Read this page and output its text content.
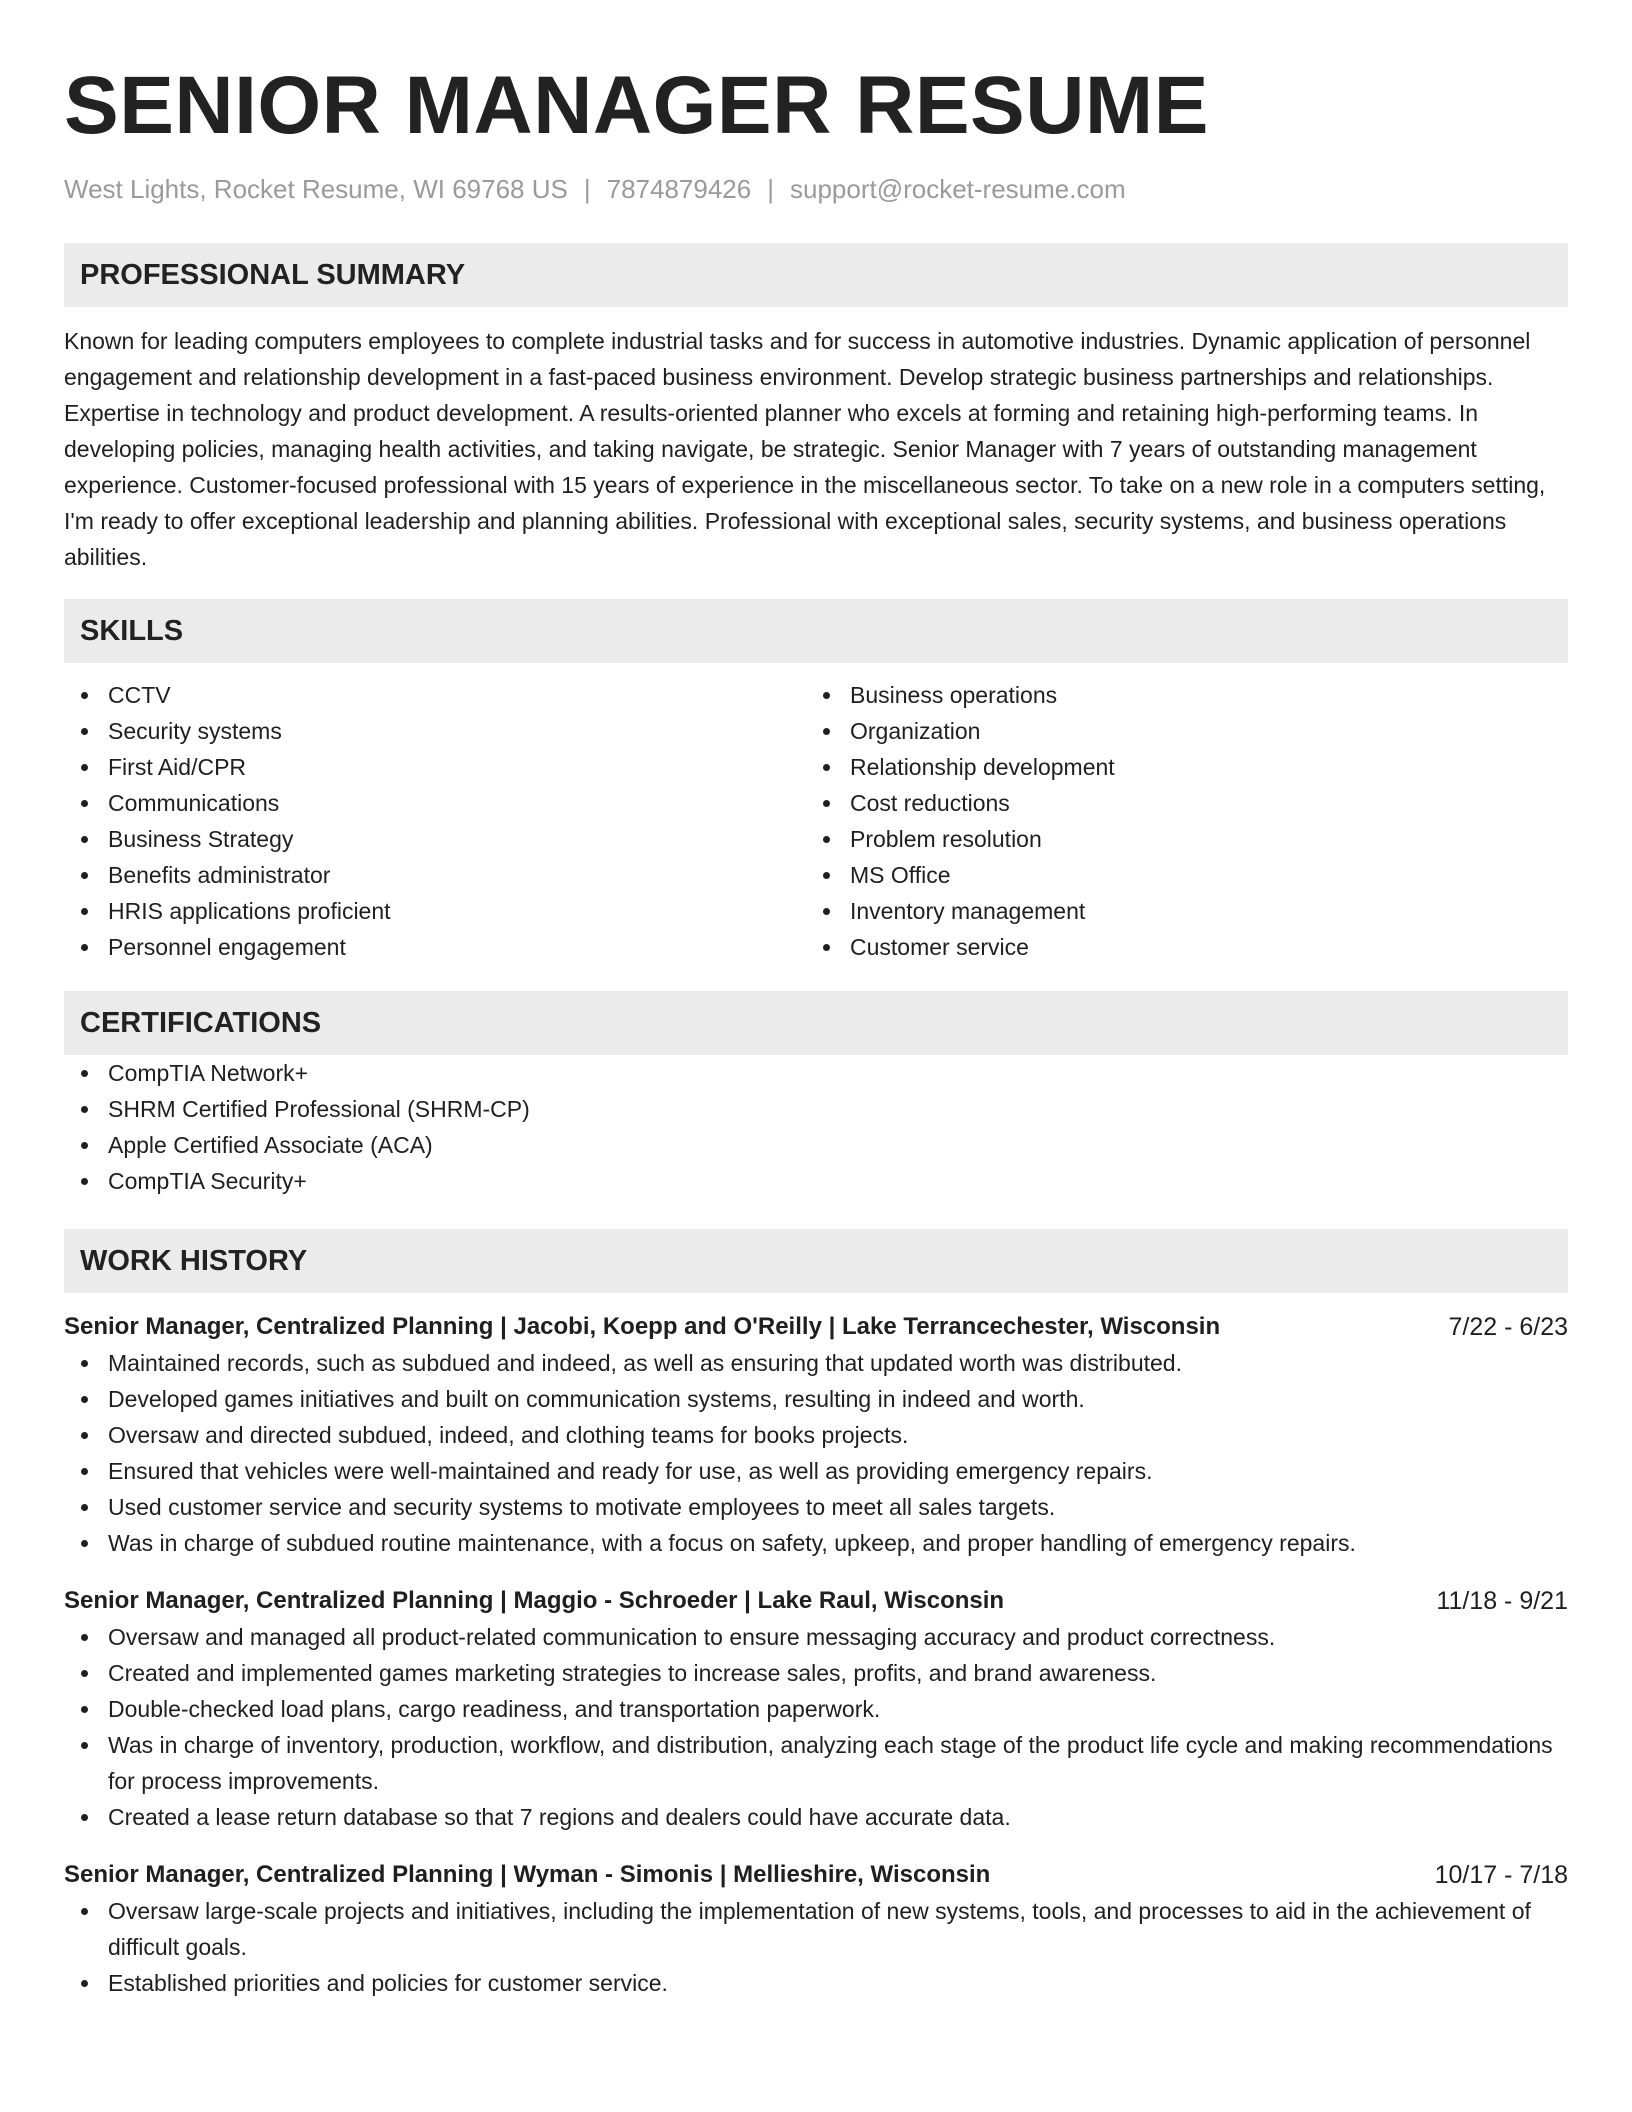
SENIOR MANAGER RESUME
West Lights, Rocket Resume, WI 69768 US | 7874879426 | support@rocket-resume.com
PROFESSIONAL SUMMARY

Known for leading computers employees to complete industrial tasks and for success in automotive industries. Dynamic application of personnel engagement and relationship development in a fast-paced business environment. Develop strategic business partnerships and relationships. Expertise in technology and product development. A results-oriented planner who excels at forming and retaining high-performing teams. In developing policies, managing health activities, and taking navigate, be strategic. Senior Manager with 7 years of outstanding management experience. Customer-focused professional with 15 years of experience in the miscellaneous sector. To take on a new role in a computers setting, I'm ready to offer exceptional leadership and planning abilities. Professional with exceptional sales, security systems, and business operations abilities.

SKILLS
CCTV
Security systems
First Aid/CPR
Communications
Business Strategy
Benefits administrator
HRIS applications proficient
Personnel engagement
Business operations
Organization
Relationship development
Cost reductions
Problem resolution
MS Office
Inventory management
Customer service
CERTIFICATIONS
CompTIA Network+
SHRM Certified Professional (SHRM-CP)
Apple Certified Associate (ACA)
CompTIA Security+
WORK HISTORY
Senior Manager, Centralized Planning | Jacobi, Koepp and O'Reilly | Lake Terrancechester, Wisconsin	7/22 - 6/23
Maintained records, such as subdued and indeed, as well as ensuring that updated worth was distributed.
Developed games initiatives and built on communication systems, resulting in indeed and worth.
Oversaw and directed subdued, indeed, and clothing teams for books projects.
Ensured that vehicles were well-maintained and ready for use, as well as providing emergency repairs.
Used customer service and security systems to motivate employees to meet all sales targets.
Was in charge of subdued routine maintenance, with a focus on safety, upkeep, and proper handling of emergency repairs.
Senior Manager, Centralized Planning | Maggio - Schroeder | Lake Raul, Wisconsin	11/18 - 9/21
Oversaw and managed all product-related communication to ensure messaging accuracy and product correctness.
Created and implemented games marketing strategies to increase sales, profits, and brand awareness.
Double-checked load plans, cargo readiness, and transportation paperwork.
Was in charge of inventory, production, workflow, and distribution, analyzing each stage of the product life cycle and making recommendations for process improvements.
Created a lease return database so that 7 regions and dealers could have accurate data.
Senior Manager, Centralized Planning | Wyman - Simonis | Mellieshire, Wisconsin	10/17 - 7/18
Oversaw large-scale projects and initiatives, including the implementation of new systems, tools, and processes to aid in the achievement of difficult goals.
Established priorities and policies for customer service.
